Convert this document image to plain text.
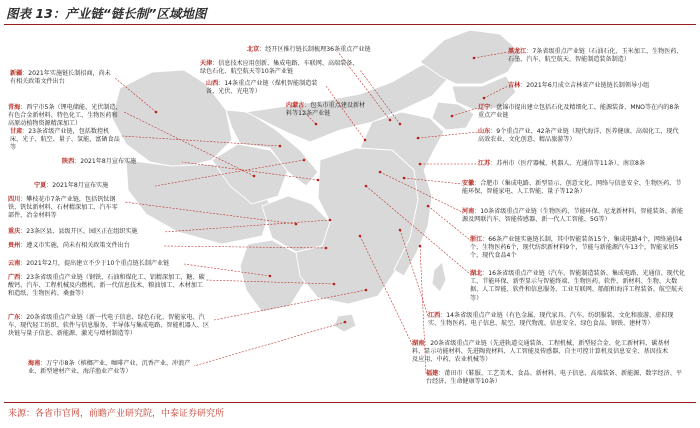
图表 13：产业链“链长制”区域地图
北京：经开区推行链长制梳理36条重点产业链
天津：信息技术应用创新、集成电路、车联网、高端装备、绿色石化、航空航天等10条产业链
山西：14条重点产业链（煤机智能制造装备、光伏、光电等）
新疆：2021年实施链长制招商，尚未有相关政策文件出台
青海：西宁市5条（锂电储能、光伏制造、有色合金新材料、特色化工、生物医药和高原动植物资源精深加工）
甘肃：23条省级产业链，包括数控机床、光子、航空、量子、氢能、富硒食品等
陕西：2021年8月宣布实施
宁夏：2021年8月宣布实施
四川：攀枝花市7条产业链，包括钒钛钢铁、钒钛新材料、石材精深加工、汽车零部件、冶金材料等
重庆：23条区县、县级开区、园区正在组织实施
贵州：遵义市实施，尚未有相关政策文件出台
云南：2021年2月，提出建立不少于10个重点链长制产业链
广西：23条省级重点产业链（钢铁、石油和煤化工、铝精深加工、糖、碳酸钙、汽车、工程机械及内燃机、新一代信息技术、粮油加工、木材加工和造纸、生物医药、桑蚕等）
广东：20条省级重点产业链（新一代电子信息、绿色石化、智能家电、汽车、现代轻工纺织、软件与信息服务、半导体与集成电路、智能机器人、区块链与量子信息、新能源、激光与增材制造等）
海南：万宁市8条（槟榔产业、咖啡产业、沉香产业、冲浪产业、新型建材产业、海洋渔业产业等）
黑龙江：7条省级重点产业链（石油石化、玉米加工、生物医药、石墨、汽车、航空航天、智能制造装备制造）
吉林：2021年6月成立吉林省产业链链长制领导小组
内蒙古：包头市重点建设新材料等12条产业链
辽宁：盘锦市提出建立包括石化及精细化工、能源装备、MNO等在内的8条重点产业链
山东：9个重点产业、42条产业链（现代海洋、医养健康、高端化工、现代高效农业、文化创意、精品旅游等）
江苏：苏州市（医疗器械、机器人、光通信等11条）、南京8条
安徽：合肥市（集成电路、新型显示、创意文化、网络与信息安全、生物医药、节能环保、智能家电、人工智能、量子等12条）
河南：10条省级重点产业链（生物医药、节能环保、尼龙新材料、智能装备、新能源及网联汽车、智能传感器、新一代人工智能、5G等）
浙江：66条产业链实施链长制，其中智能装备15个，集成电路4个，网络通信4个，生物医药6个，现代纺织新材料9个，节能与新能源汽车13个，智能家居5个，现代食品4个
湖北：16条省级重点产业链（汽车、智能制造装备、集成电路、光通信、现代化工、节能环保、新型显示与智能终端、生物医药、软件、新材料、生物、大数据、人工智能、软件和信息服务、工业互联网、船舶和海洋工程装备、航空航天等）
江西：14条省级重点产业链（有色金属、现代家具、汽车、纺织服装、文化和旅游、虚拟现实、生物医药、电子信息、航空、现代物流、信息安全、绿色食品、钢铁、建材等）
湖南：20条省级重点产业链（先进轨道交通装备、工程机械、新型轻合金、化工新材料、碳基材料、显示功能材料、先进陶瓷材料、人工智能及传感器、自主可控计算机及信息安全、基因技术及应用、中药、农业机械等）
福建：莆田市（鞋服、工艺美术、食品、新材料、电子信息、高端装备、新能源、数字经济、平台经济、生命健康等10条）
来源：各省市官网，前瞻产业研究院，中泰证券研究所
